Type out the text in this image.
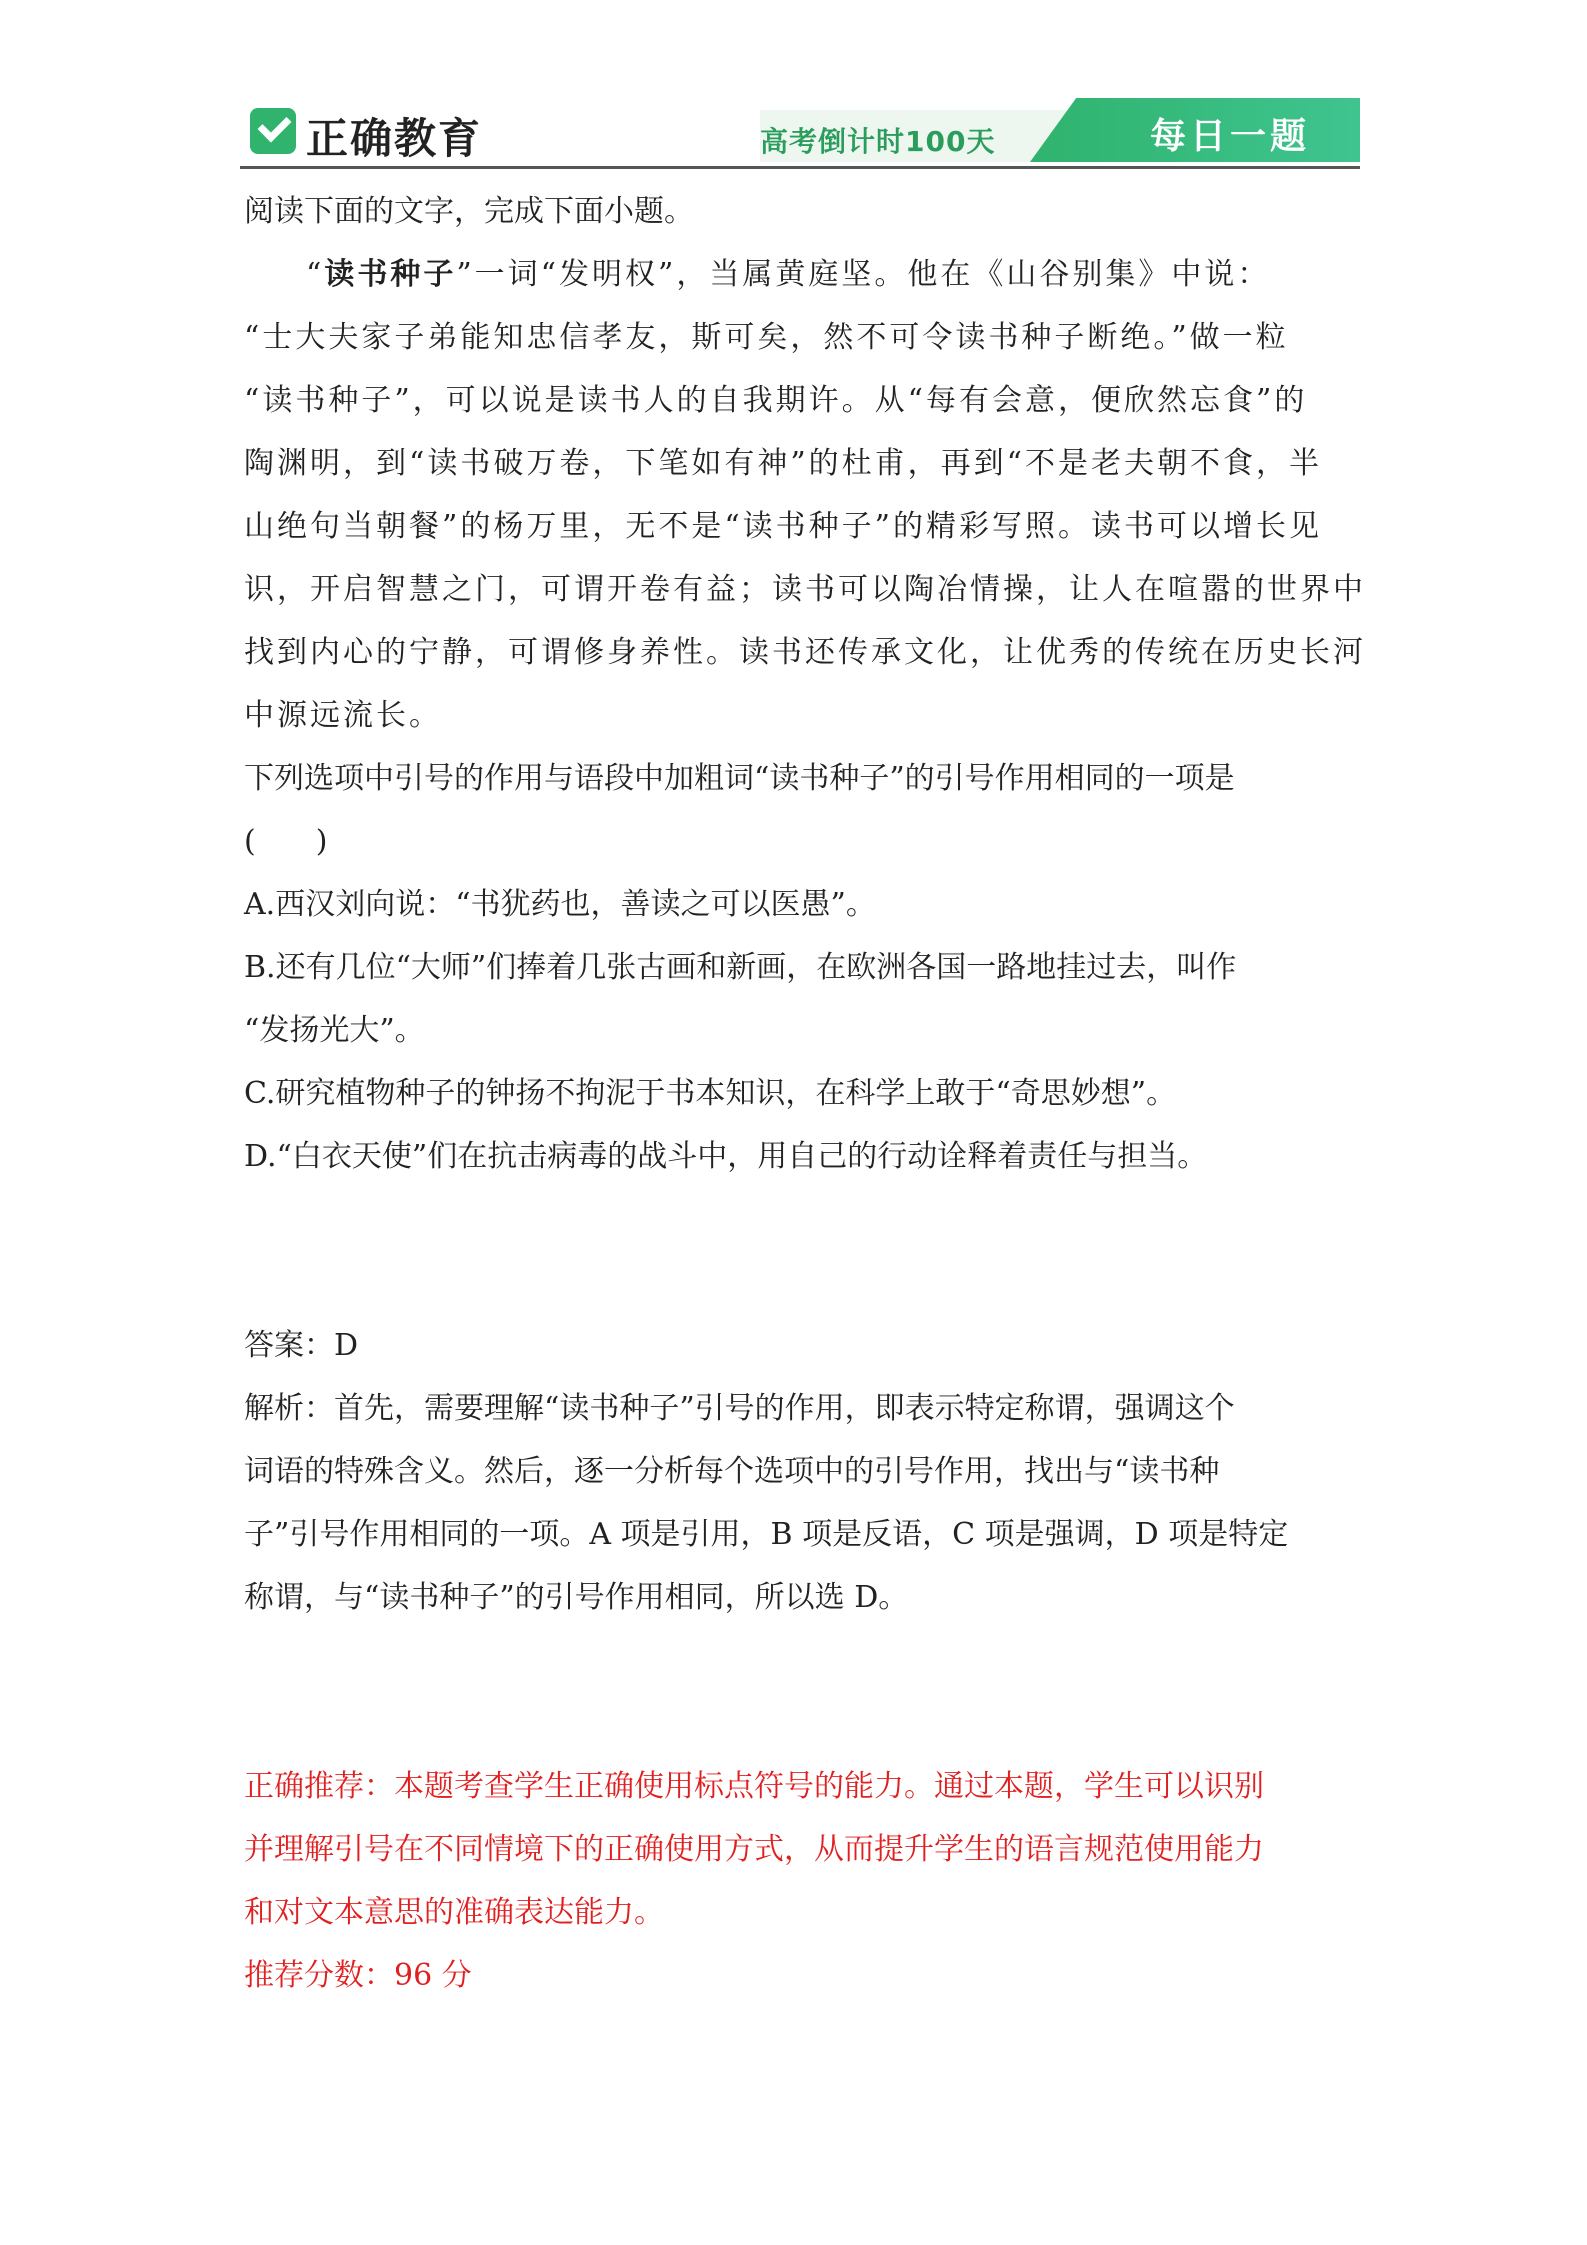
正确教育	高考倒计时100天	每日一题
阅读下面的文字，完成下面小题。
“读书种子”一词“发明权”，当属黄庭坚。他在《山谷别集》中说：
“士大夫家子弟能知忠信孝友，斯可矣，然不可令读书种子断绝。”做一粒
“读书种子”，可以说是读书人的自我期许。从“每有会意，便欣然忘食”的
陶渊明，到“读书破万卷，下笔如有神”的杜甫，再到“不是老夫朝不食，半
山绝句当朝餐”的杨万里，无不是“读书种子”的精彩写照。读书可以增长见
识，开启智慧之门，可谓开卷有益；读书可以陶冶情操，让人在喧嚣的世界中
找到内心的宁静，可谓修身养性。读书还传承文化，让优秀的传统在历史长河
中源远流长。
下列选项中引号的作用与语段中加粗词“读书种子”的引号作用相同的一项是
(　　)
A.西汉刘向说：“书犹药也，善读之可以医愚”。
B.还有几位“大师”们捧着几张古画和新画，在欧洲各国一路地挂过去，叫作
“发扬光大”。
C.研究植物种子的钟扬不拘泥于书本知识，在科学上敢于“奇思妙想”。
D.“白衣天使”们在抗击病毒的战斗中，用自己的行动诠释着责任与担当。
答案：D
解析：首先，需要理解“读书种子”引号的作用，即表示特定称谓，强调这个
词语的特殊含义。然后，逐一分析每个选项中的引号作用，找出与“读书种
子”引号作用相同的一项。A 项是引用，B 项是反语，C 项是强调，D 项是特定
称谓，与“读书种子”的引号作用相同，所以选 D。
正确推荐：本题考查学生正确使用标点符号的能力。通过本题，学生可以识别
并理解引号在不同情境下的正确使用方式，从而提升学生的语言规范使用能力
和对文本意思的准确表达能力。
推荐分数：96 分
